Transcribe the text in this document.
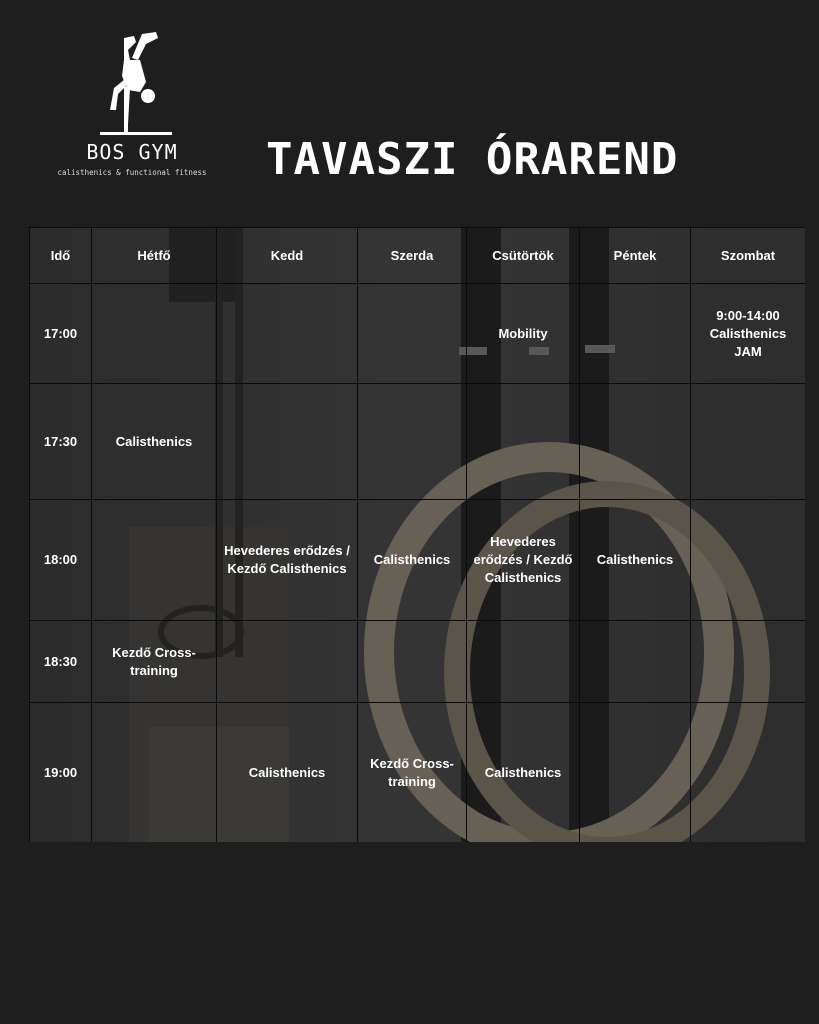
BOS GYM
calisthenics & functional fitness TAVASZI ÓRAREND
Idő	Hétfő	Kedd	Szerda	Csütörtök	Péntek	Szombat
17:00				Mobility		9:00-14:00 Calisthenics JAM
17:30	Calisthenics					
18:00		Hevederes erődzés / Kezdő Calisthenics	Calisthenics	Hevederes erődzés / Kezdő Calisthenics	Calisthenics	
18:30	Kezdő Cross-training					
19:00		Calisthenics	Kezdő Cross-training	Calisthenics		
